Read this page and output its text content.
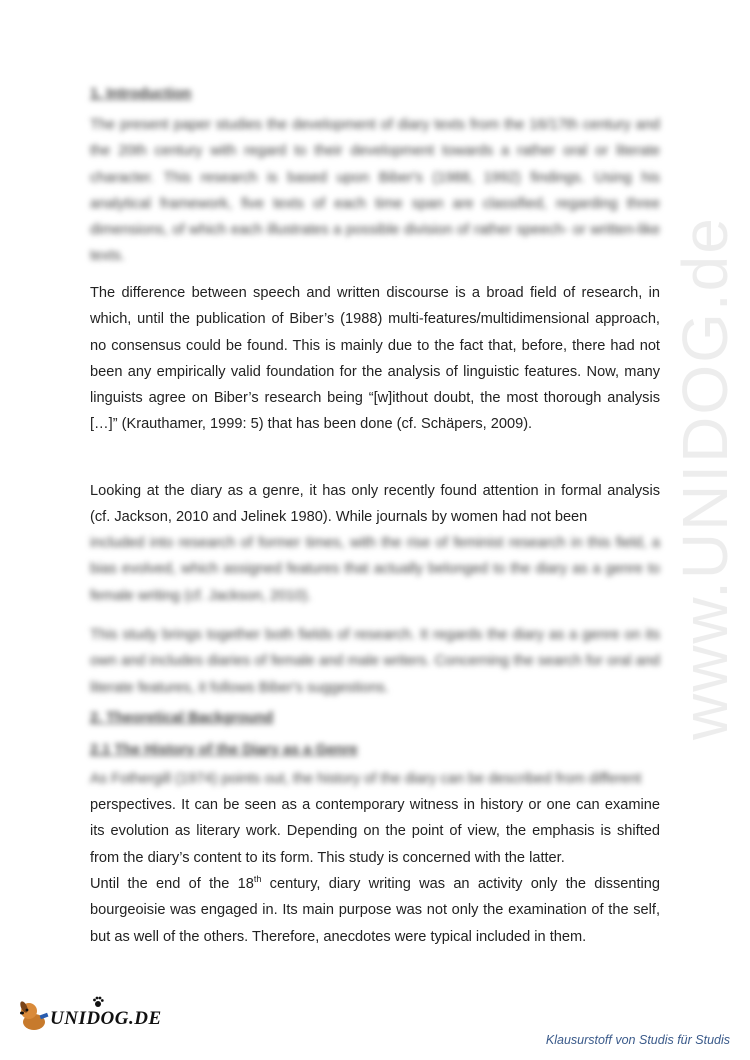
www.UNIDOG.de
1. Introduction
The present paper studies the development of diary texts from the 16/17th century and the 20th century with regard to their development towards a rather oral or literate character. This research is based upon Biber's (1988, 1992) findings. Using his analytical framework, five texts of each time span are classified, regarding three dimensions, of which each illustrates a possible division of rather speech- or written-like texts.
The difference between speech and written discourse is a broad field of research, in which, until the publication of Biber’s (1988) multi-features/multidimensional approach, no consensus could be found. This is mainly due to the fact that, before, there had not been any empirically valid foundation for the analysis of linguistic features. Now, many linguists agree on Biber’s research being “[w]ithout doubt, the most thorough analysis […]” (Krauthamer, 1999: 5) that has been done (cf. Schäpers, 2009).
Looking at the diary as a genre, it has only recently found attention in formal analysis (cf. Jackson, 2010 and Jelinek 1980). While journals by women had not been
included into research of former times, with the rise of feminist research in this field, a bias evolved, which assigned features that actually belonged to the diary as a genre to female writing (cf. Jackson, 2010).
This study brings together both fields of research. It regards the diary as a genre on its own and includes diaries of female and male writers. Concerning the search for oral and literate features, it follows Biber's suggestions.
2. Theoretical Background
2.1 The History of the Diary as a Genre
As Fothergill (1974) points out, the history of the diary can be described from different
perspectives. It can be seen as a contemporary witness in history or one can examine its evolution as literary work. Depending on the point of view, the emphasis is shifted from the diary’s content to its form. This study is concerned with the latter.
Until the end of the 18th century, diary writing was an activity only the dissenting bourgeoisie was engaged in. Its main purpose was not only the examination of the self, but as well of the others. Therefore, anecdotes were typical included in them.
UNIDOG.DE
Klausurstoff von Studis für Studis
